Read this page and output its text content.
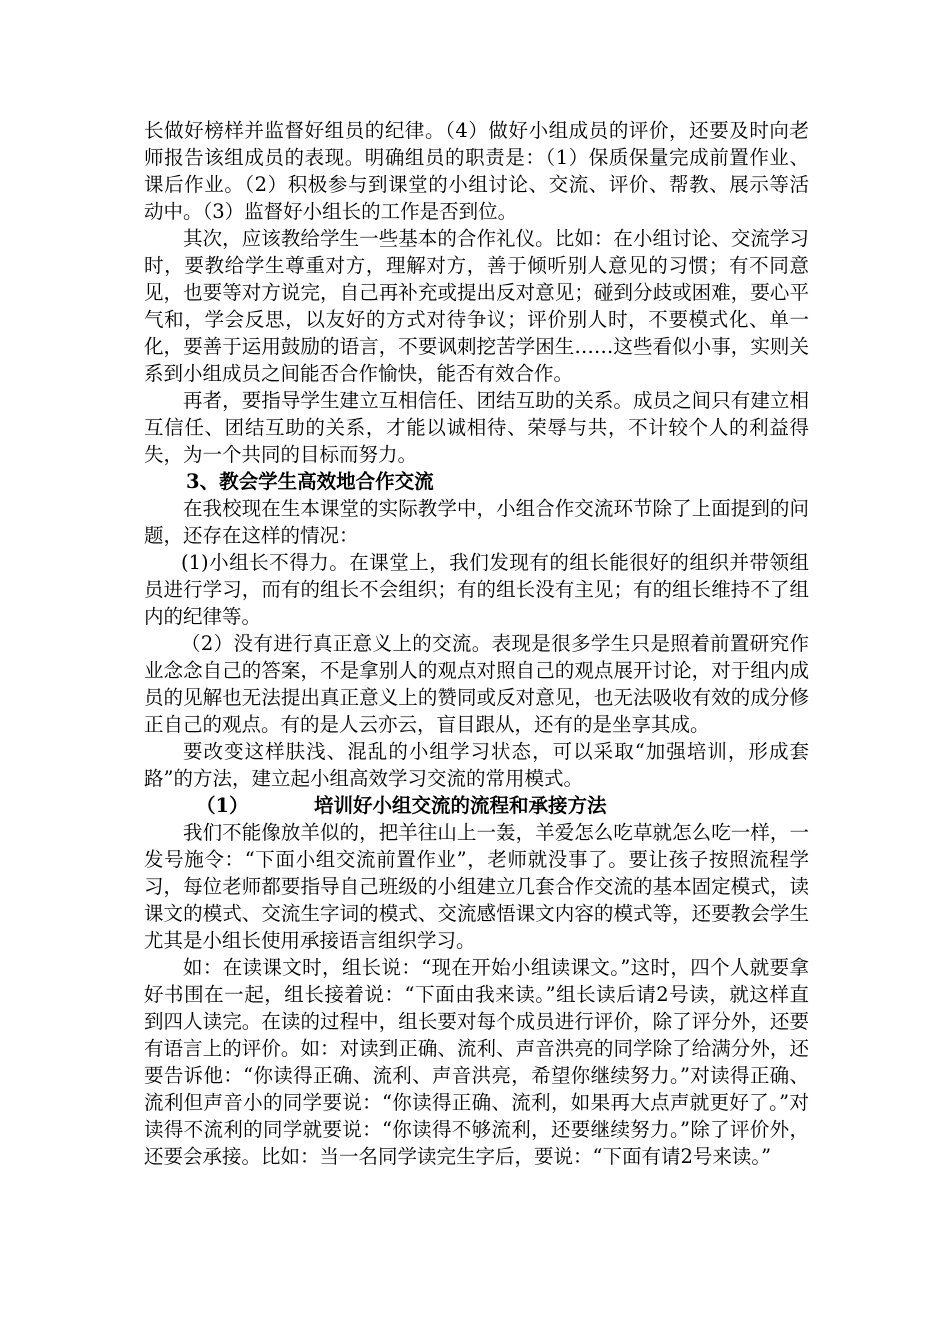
长做好榜样并监督好组员的纪律。（4）做好小组成员的评价，还要及时向老师报告该组成员的表现。明确组员的职责是：（1）保质保量完成前置作业、课后作业。（2）积极参与到课堂的小组讨论、交流、评价、帮教、展示等活动中。（3）监督好小组长的工作是否到位。

其次，应该教给学生一些基本的合作礼仪。比如：在小组讨论、交流学习时，要教给学生尊重对方，理解对方，善于倾听别人意见的习惯；有不同意见，也要等对方说完，自己再补充或提出反对意见；碰到分歧或困难，要心平气和，学会反思，以友好的方式对待争议；评价别人时，不要模式化、单一化，要善于运用鼓励的语言，不要讽刺挖苦学困生……这些看似小事，实则关系到小组成员之间能否合作愉快，能否有效合作。

再者，要指导学生建立互相信任、团结互助的关系。成员之间只有建立相互信任、团结互助的关系，才能以诚相待、荣辱与共，不计较个人的利益得失，为一个共同的目标而努力。

3、教会学生高效地合作交流

在我校现在生本课堂的实际教学中，小组合作交流环节除了上面提到的问题，还存在这样的情况：

(1)小组长不得力。在课堂上，我们发现有的组长能很好的组织并带领组员进行学习，而有的组长不会组织；有的组长没有主见；有的组长维持不了组内的纪律等。

（2）没有进行真正意义上的交流。表现是很多学生只是照着前置研究作业念念自己的答案，不是拿别人的观点对照自己的观点展开讨论，对于组内成员的见解也无法提出真正意义上的赞同或反对意见，也无法吸收有效的成分修正自己的观点。有的是人云亦云，盲目跟从，还有的是坐享其成。

要改变这样肤浅、混乱的小组学习状态，可以采取“加强培训，形成套路”的方法，建立起小组高效学习交流的常用模式。

（1）	培训好小组交流的流程和承接方法

我们不能像放羊似的，把羊往山上一轰，羊爱怎么吃草就怎么吃一样，一发号施令：“下面小组交流前置作业”，老师就没事了。要让孩子按照流程学习，每位老师都要指导自己班级的小组建立几套合作交流的基本固定模式，读课文的模式、交流生字词的模式、交流感悟课文内容的模式等，还要教会学生尤其是小组长使用承接语言组织学习。

如：在读课文时，组长说：“现在开始小组读课文。”这时，四个人就要拿好书围在一起，组长接着说：“下面由我来读。”组长读后请2号读，就这样直到四人读完。在读的过程中，组长要对每个成员进行评价，除了评分外，还要有语言上的评价。如：对读到正确、流利、声音洪亮的同学除了给满分外，还要告诉他：“你读得正确、流利、声音洪亮，希望你继续努力。”对读得正确、流利但声音小的同学要说：“你读得正确、流利，如果再大点声就更好了。”对读得不流利的同学就要说：“你读得不够流利，还要继续努力。”除了评价外，还要会承接。比如：当一名同学读完生字后，要说：“下面有请2号来读。”
